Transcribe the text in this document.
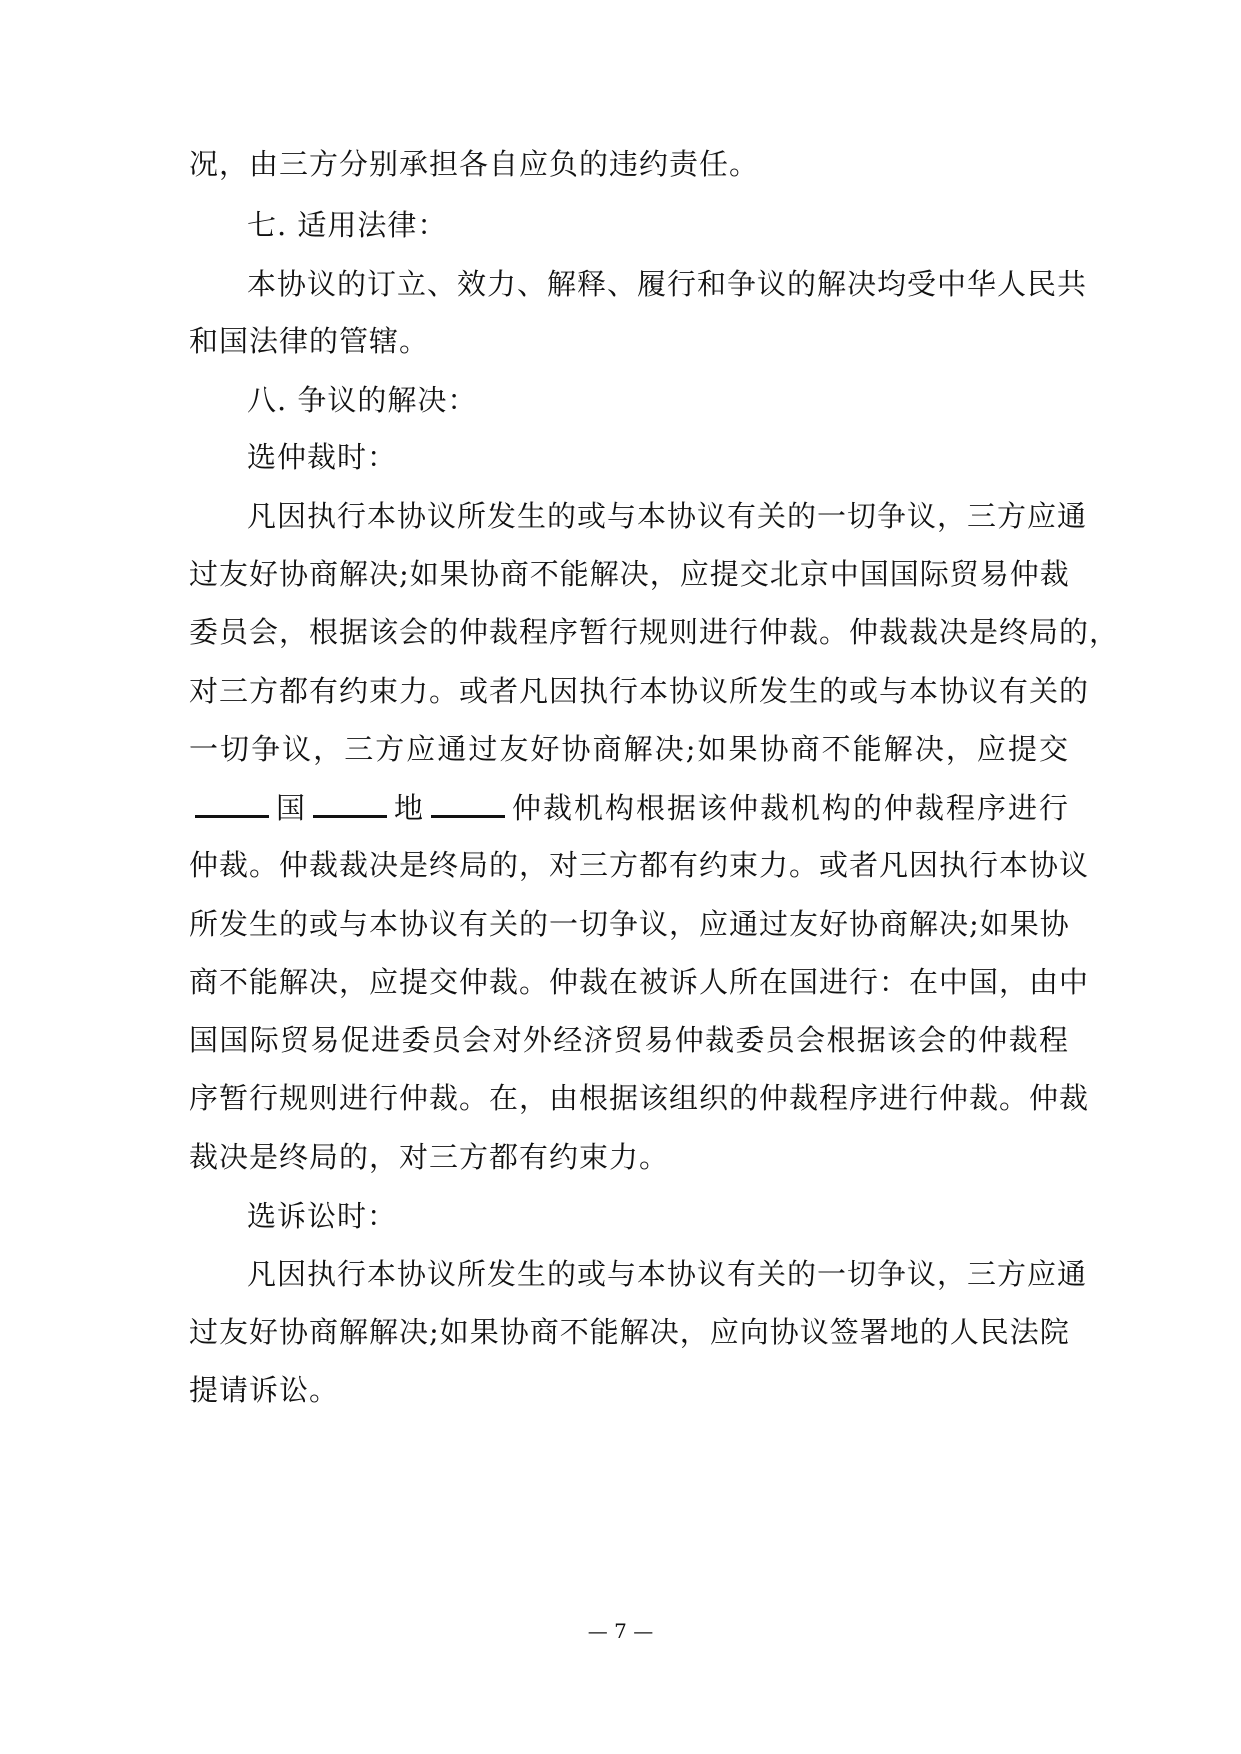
况，由三方分别承担各自应负的违约责任。
七. 适用法律：
本协议的订立、效力、解释、履行和争议的解决均受中华人民共
和国法律的管辖。
八. 争议的解决：
选仲裁时：
凡因执行本协议所发生的或与本协议有关的一切争议，三方应通
过友好协商解决;如果协商不能解决，应提交北京中国国际贸易仲裁
委员会，根据该会的仲裁程序暂行规则进行仲裁。仲裁裁决是终局的，
对三方都有约束力。或者凡因执行本协议所发生的或与本协议有关的
一切争议，三方应通过友好协商解决;如果协商不能解决，应提交
国	地	仲裁机构根据该仲裁机构的仲裁程序进行
仲裁。仲裁裁决是终局的，对三方都有约束力。或者凡因执行本协议
所发生的或与本协议有关的一切争议，应通过友好协商解决;如果协
商不能解决，应提交仲裁。仲裁在被诉人所在国进行：在中国，由中
国国际贸易促进委员会对外经济贸易仲裁委员会根据该会的仲裁程
序暂行规则进行仲裁。在，由根据该组织的仲裁程序进行仲裁。仲裁
裁决是终局的，对三方都有约束力。
选诉讼时：
凡因执行本协议所发生的或与本协议有关的一切争议，三方应通
过友好协商解解决;如果协商不能解决，应向协议签署地的人民法院
提请诉讼。
— 7 —
